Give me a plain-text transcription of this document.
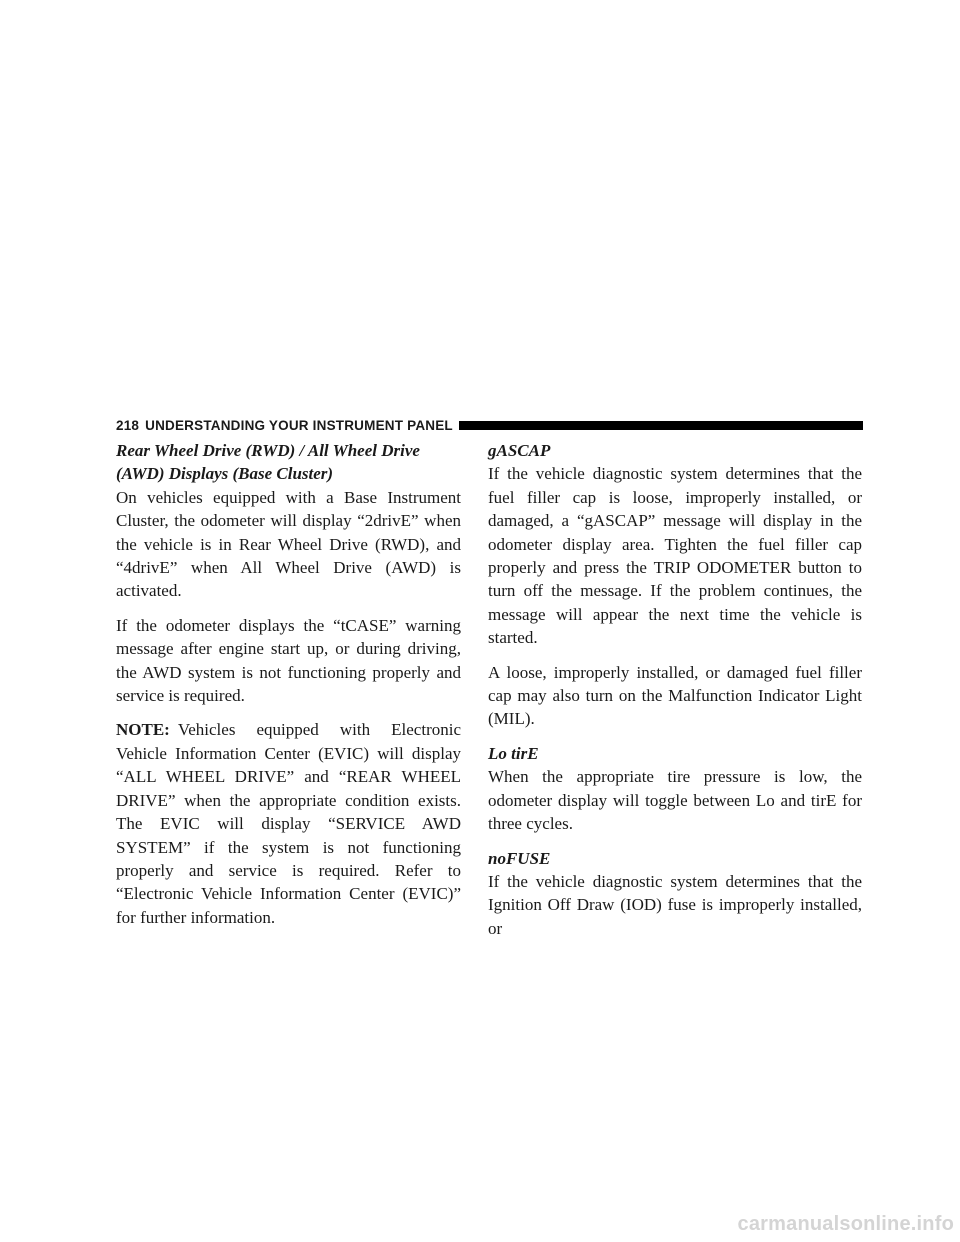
218 UNDERSTANDING YOUR INSTRUMENT PANEL
Rear Wheel Drive (RWD) / All Wheel Drive (AWD) Displays (Base Cluster)

On vehicles equipped with a Base Instrument Cluster, the odometer will display “2drivE” when the vehicle is in Rear Wheel Drive (RWD), and “4drivE” when All Wheel Drive (AWD) is activated.

If the odometer displays the “tCASE” warning message after engine start up, or during driving, the AWD system is not functioning properly and service is required.

NOTE: Vehicles equipped with Electronic Vehicle Information Center (EVIC) will display “ALL WHEEL DRIVE” and “REAR WHEEL DRIVE” when the appropriate condition exists. The EVIC will display “SERVICE AWD SYSTEM” if the system is not functioning properly and service is required. Refer to “Electronic Vehicle Information Center (EVIC)” for further information.

gASCAP
If the vehicle diagnostic system determines that the fuel filler cap is loose, improperly installed, or damaged, a “gASCAP” message will display in the odometer display area. Tighten the fuel filler cap properly and press the TRIP ODOMETER button to turn off the message. If the problem continues, the message will appear the next time the vehicle is started.

A loose, improperly installed, or damaged fuel filler cap may also turn on the Malfunction Indicator Light (MIL).

Lo tirE
When the appropriate tire pressure is low, the odometer display will toggle between Lo and tirE for three cycles.
noFUSE
If the vehicle diagnostic system determines that the Ignition Off Draw (IOD) fuse is improperly installed, or
carmanualsonline.info
